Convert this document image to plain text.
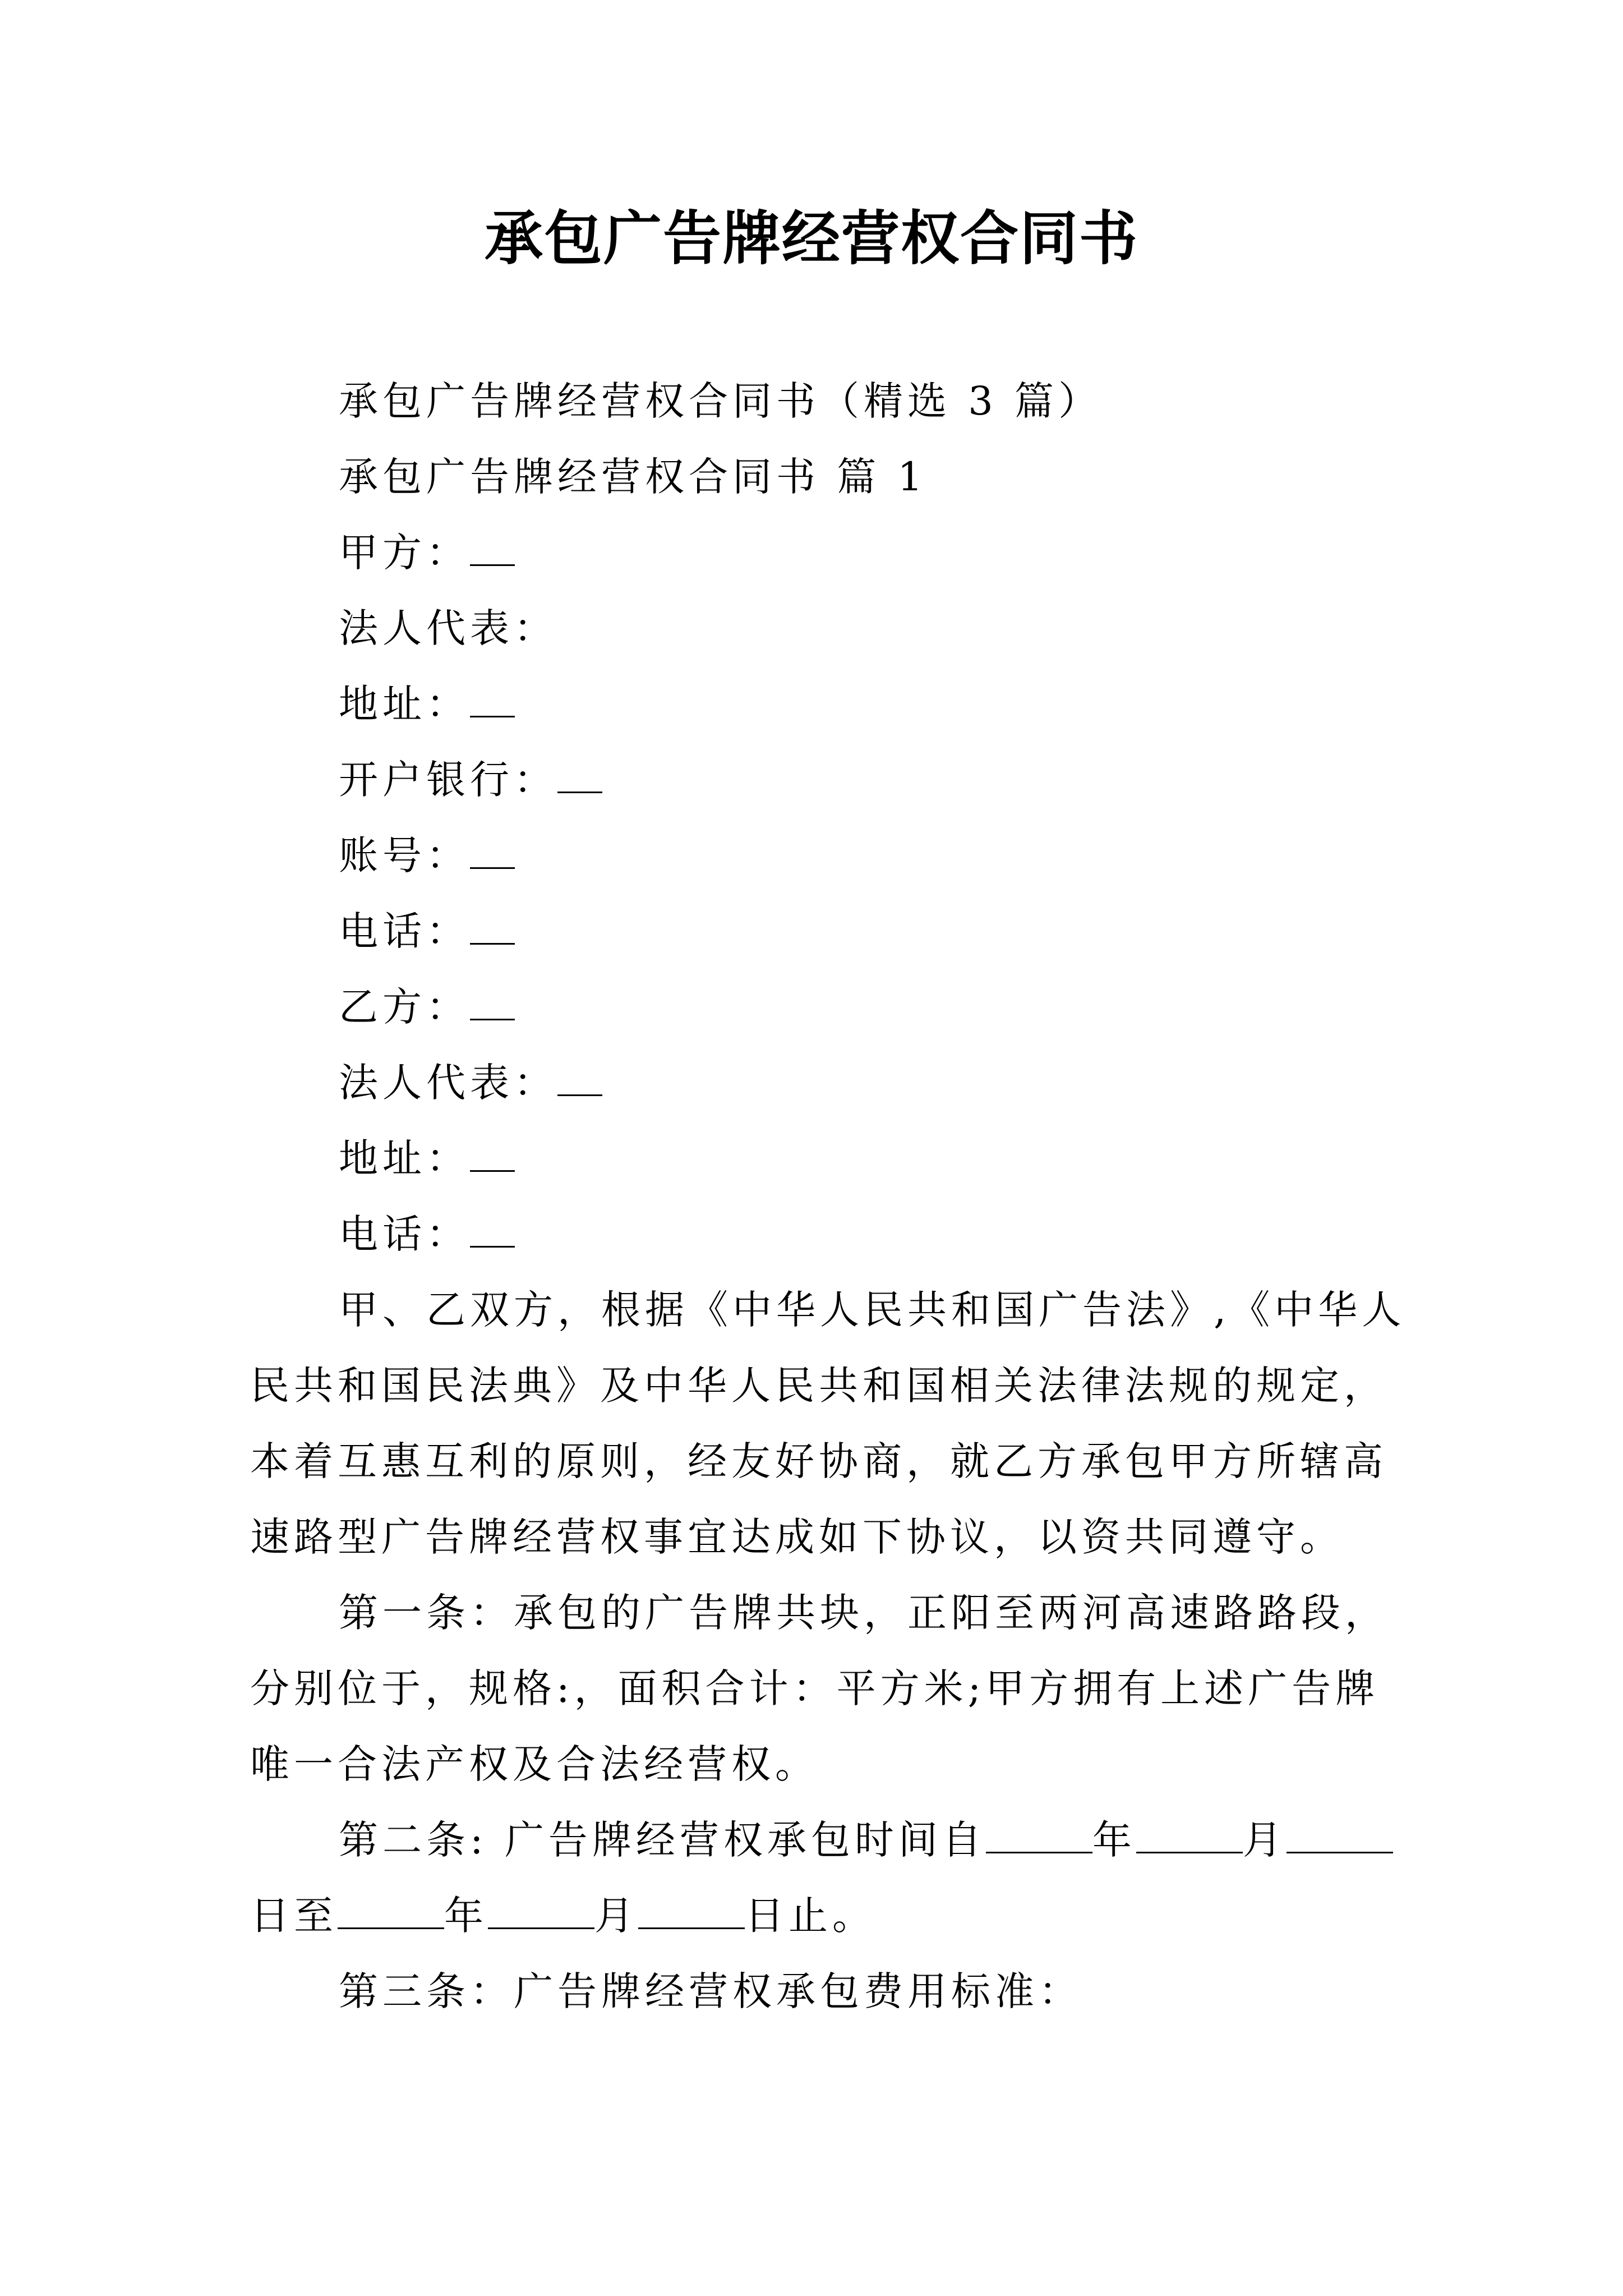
承包广告牌经营权合同书

承包广告牌经营权合同书（精选 3 篇）

承包广告牌经营权合同书 篇 1

甲方：

法人代表：

地址：

开户银行：

账号：

电话：

乙方：

法人代表：

地址：

电话：

甲、乙双方，根据《中华人民共和国广告法》,《中华人

民共和国民法典》及中华人民共和国相关法律法规的规定，

本着互惠互利的原则，经友好协商，就乙方承包甲方所辖高

速路型广告牌经营权事宜达成如下协议，以资共同遵守。

第一条：承包的广告牌共块，正阳至两河高速路路段，

分别位于，规格:，面积合计：平方米;甲方拥有上述广告牌

唯一合法产权及合法经营权。

第二条: 广告牌经营权承包时间自	年	月

日至	年	月	日止。

第三条：广告牌经营权承包费用标准：
